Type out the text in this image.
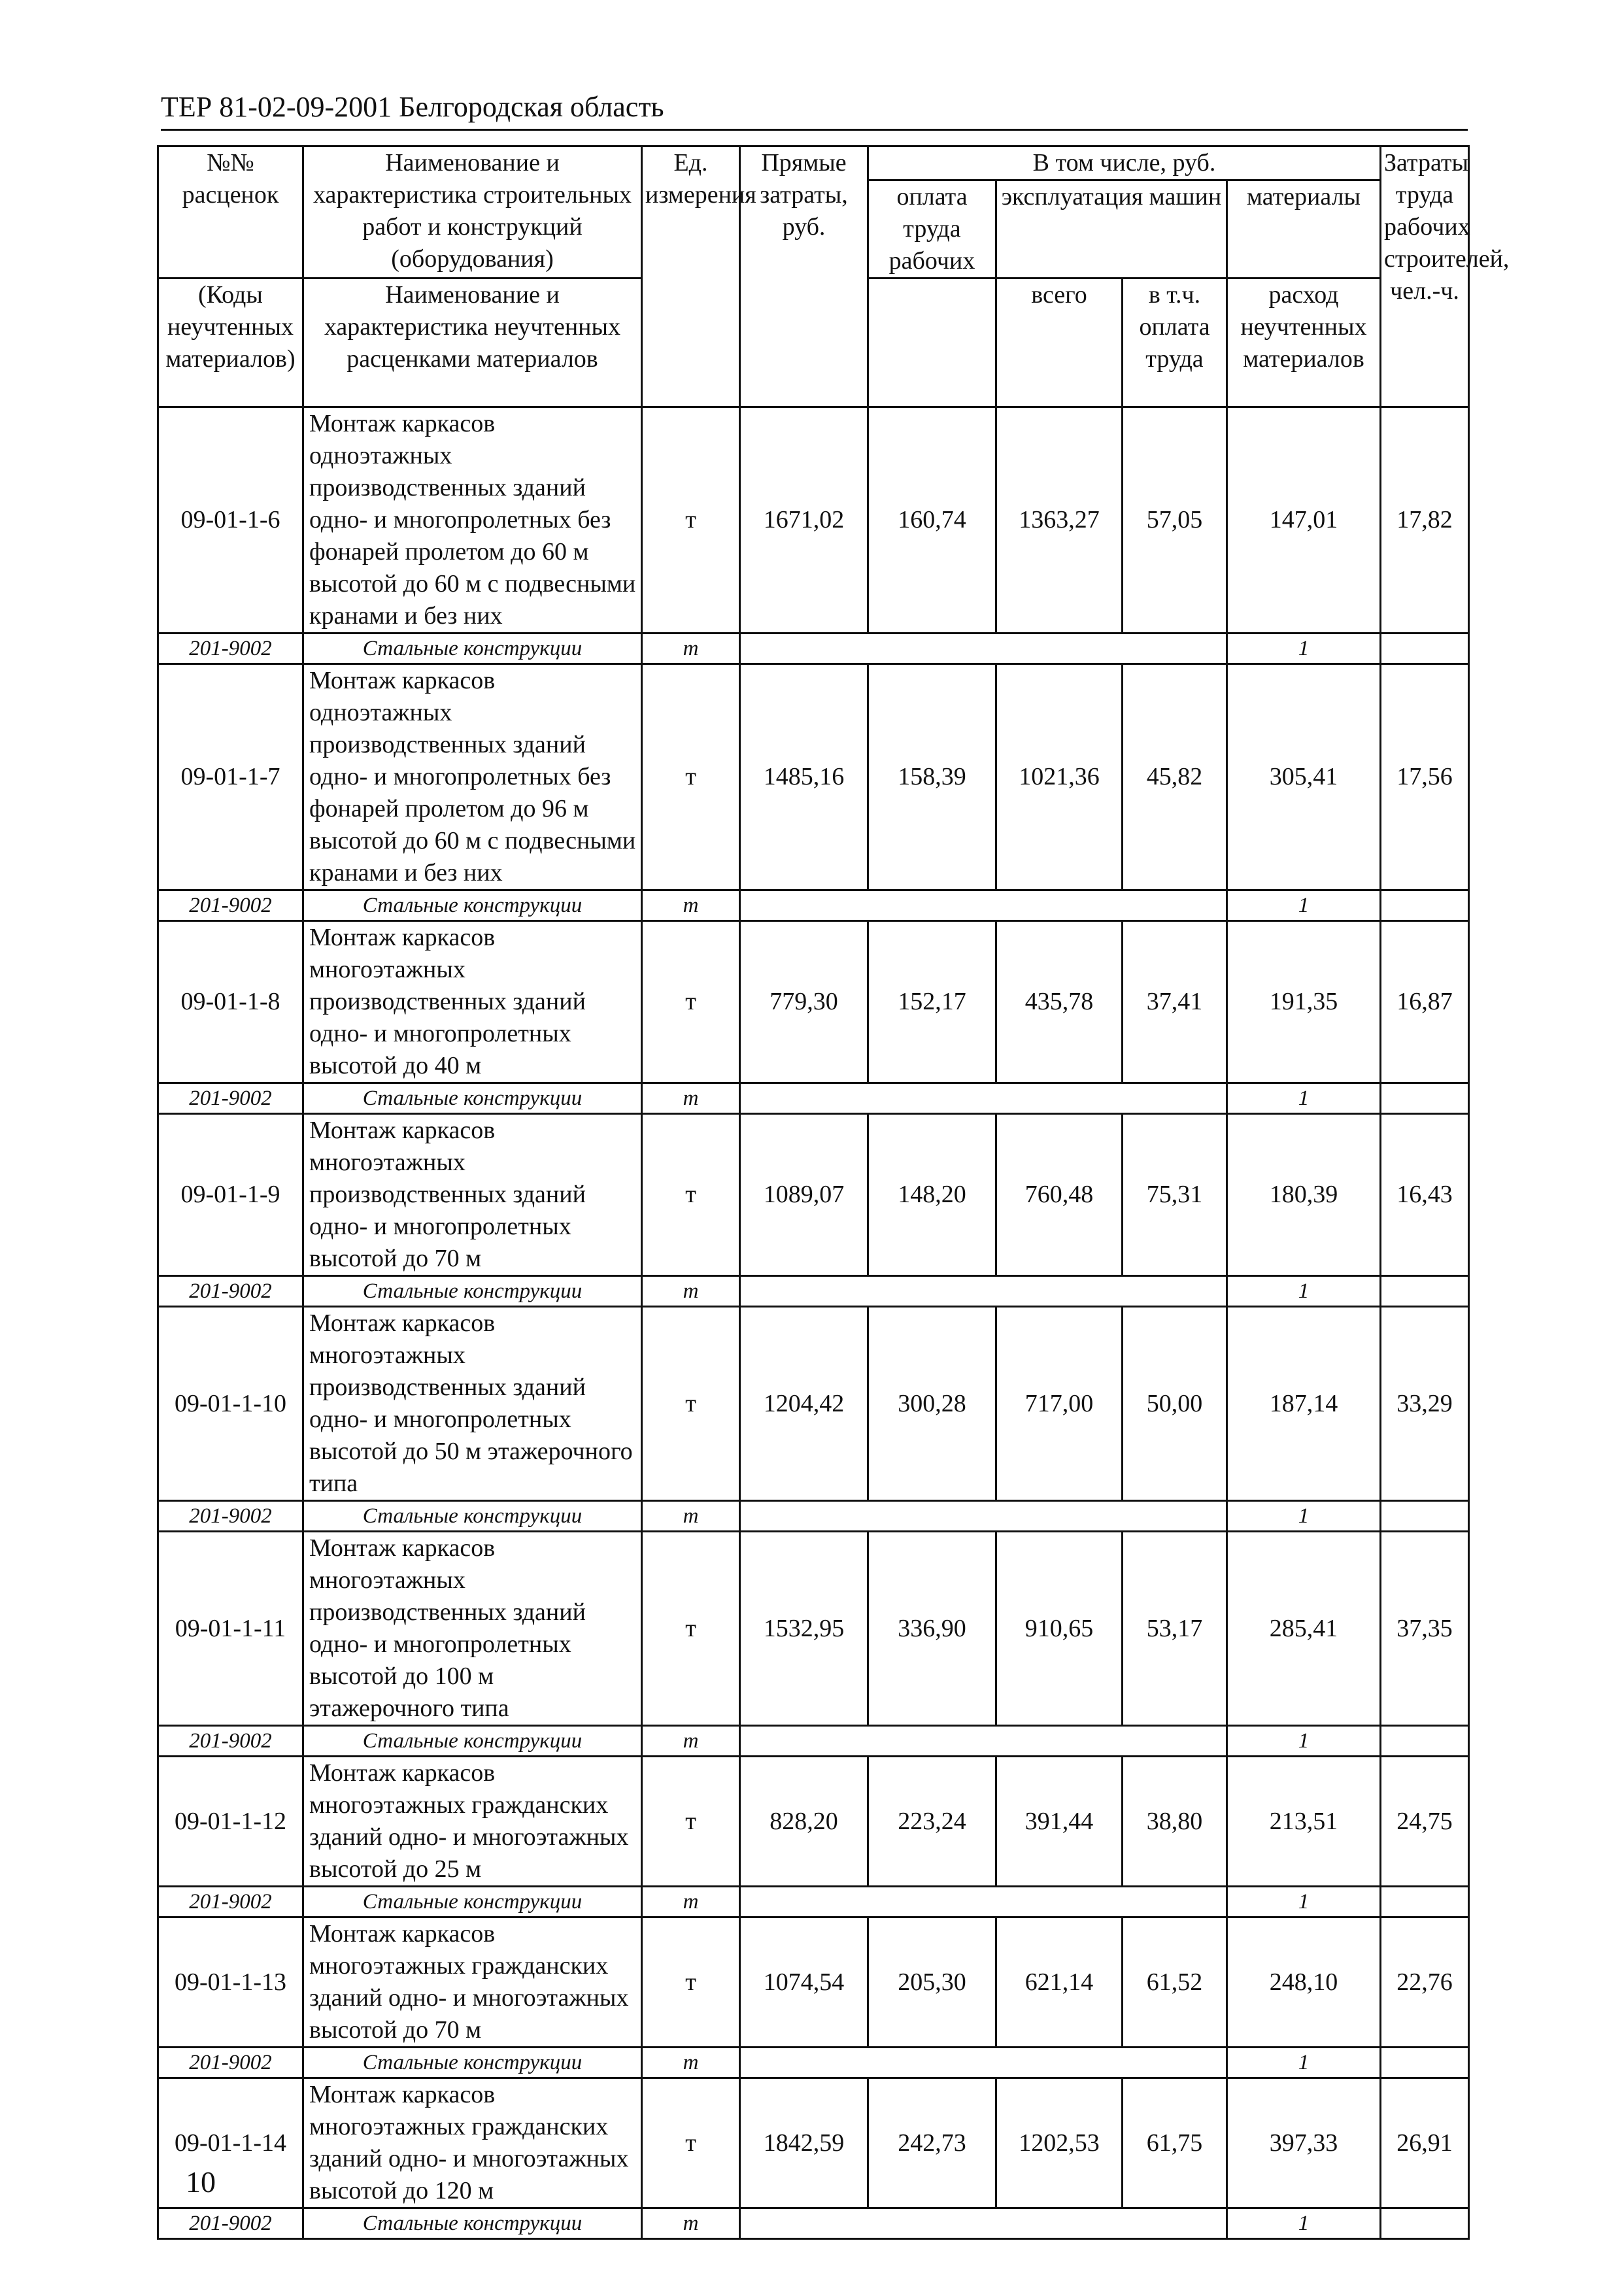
ТЕР 81-02-09-2001 Белгородская область
№№ расценок	Наименование и характеристика строительных работ и конструкций (оборудования)	Ед. измерения	Прямые затраты, руб.	В том числе, руб.				Затраты труда рабочих строителей, чел.-ч.
				оплата труда рабочих	эксплуатация машин		материалы	

(Коды неучтенных материалов)	Наименование и характеристика неучтенных расценками материалов				всего	в т.ч. оплата труда	расход неучтенных материалов	

09-01-1-6	Монтаж каркасов одноэтажных производственных зданий одно- и многопролетных без фонарей пролетом до 60 м высотой до 60 м с подвесными кранами и без них	т	1671,02	160,74	1363,27	57,05	147,01	17,82
201-9002	Стальные конструкции	т					1	
09-01-1-7	Монтаж каркасов одноэтажных производственных зданий одно- и многопролетных без фонарей пролетом до 96 м высотой до 60 м с подвесными кранами и без них	т	1485,16	158,39	1021,36	45,82	305,41	17,56
201-9002	Стальные конструкции	т					1	
09-01-1-8	Монтаж каркасов многоэтажных производственных зданий одно- и многопролетных высотой до 40 м	т	779,30	152,17	435,78	37,41	191,35	16,87
201-9002	Стальные конструкции	т					1	
09-01-1-9	Монтаж каркасов многоэтажных производственных зданий одно- и многопролетных высотой до 70 м	т	1089,07	148,20	760,48	75,31	180,39	16,43
201-9002	Стальные конструкции	т					1	
09-01-1-10	Монтаж каркасов многоэтажных производственных зданий одно- и многопролетных высотой до 50 м этажерочного типа	т	1204,42	300,28	717,00	50,00	187,14	33,29
201-9002	Стальные конструкции	т					1	
09-01-1-11	Монтаж каркасов многоэтажных производственных зданий одно- и многопролетных высотой до 100 м этажерочного типа	т	1532,95	336,90	910,65	53,17	285,41	37,35
201-9002	Стальные конструкции	т					1	
09-01-1-12	Монтаж каркасов многоэтажных гражданских зданий одно- и многоэтажных высотой до 25 м	т	828,20	223,24	391,44	38,80	213,51	24,75
201-9002	Стальные конструкции	т					1	
09-01-1-13	Монтаж каркасов многоэтажных гражданских зданий одно- и многоэтажных высотой до 70 м	т	1074,54	205,30	621,14	61,52	248,10	22,76
201-9002	Стальные конструкции	т					1	
09-01-1-14	Монтаж каркасов многоэтажных гражданских зданий одно- и многоэтажных высотой до 120 м	т	1842,59	242,73	1202,53	61,75	397,33	26,91
201-9002	Стальные конструкции	т					1	
10
